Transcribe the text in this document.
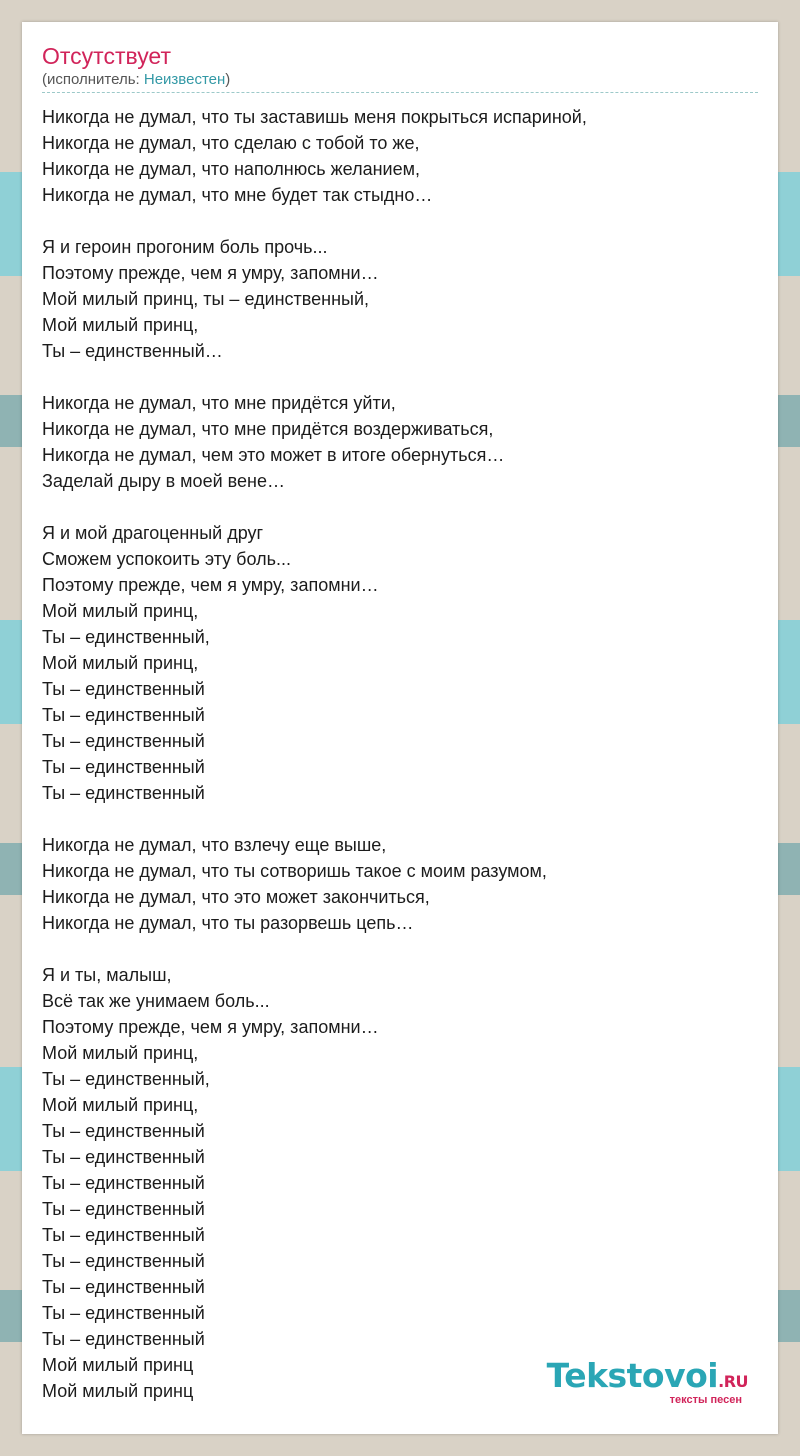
Отсутствует
(исполнитель: Неизвестен)
Никогда не думал, что ты заставишь меня покрыться испариной,
Никогда не думал, что сделаю с тобой то же,
Никогда не думал, что наполнюсь желанием,
Никогда не думал, что мне будет так стыдно…
Я и героин прогоним боль прочь...
Поэтому прежде, чем я умру, запомни…
Мой милый принц, ты – единственный,
Мой милый принц,
Ты – единственный…
Никогда не думал, что мне придётся уйти,
Никогда не думал, что мне придётся воздерживаться,
Никогда не думал, чем это может в итоге обернуться…
Заделай дыру в моей вене…
Я и мой драгоценный друг
Сможем успокоить эту боль...
Поэтому прежде, чем я умру, запомни…
Мой милый принц,
Ты – единственный,
Мой милый принц,
Ты – единственный
Ты – единственный
Ты – единственный
Ты – единственный
Ты – единственный
Никогда не думал, что взлечу еще выше,
Никогда не думал, что ты сотворишь такое с моим разумом,
Никогда не думал, что это может закончиться,
Никогда не думал, что ты разорвешь цепь…
Я и ты, малыш,
Всё так же унимаем боль...
Поэтому прежде, чем я умру, запомни…
Мой милый принц,
Ты – единственный,
Мой милый принц,
Ты – единственный
Ты – единственный
Ты – единственный
Ты – единственный
Ты – единственный
Ты – единственный
Ты – единственный
Ты – единственный
Ты – единственный
Мой милый принц
Мой милый принц	Tekstovoi.RU
тексты песен
